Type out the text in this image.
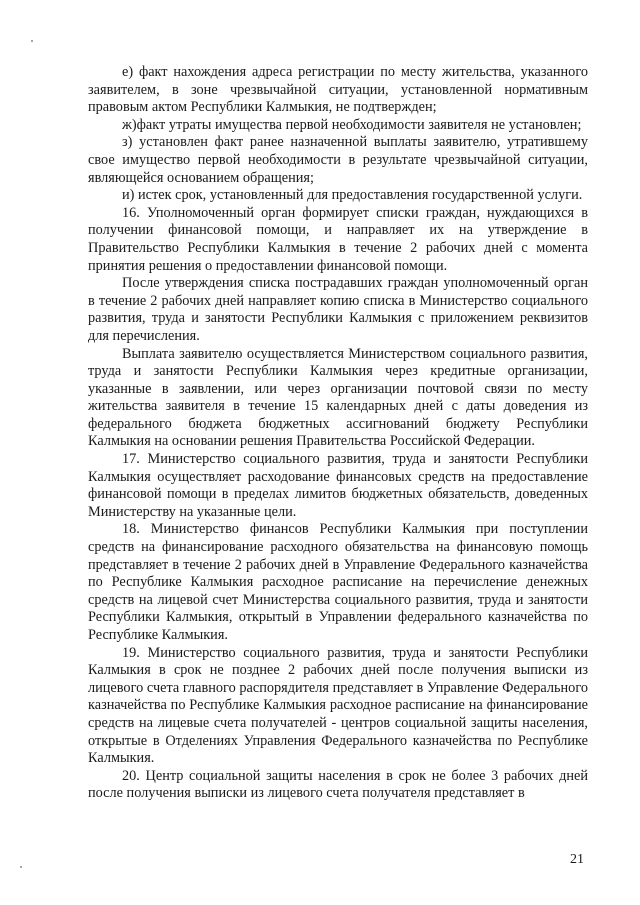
е) факт нахождения адреса регистрации по месту жительства, указанного заявителем, в зоне чрезвычайной ситуации, установленной нормативным правовым актом Республики Калмыкия, не подтвержден;

ж)факт утраты имущества первой необходимости заявителя не установлен;

з) установлен факт ранее назначенной выплаты заявителю, утратившему свое имущество первой необходимости в результате чрезвычайной ситуации, являющейся основанием обращения;

и) истек срок, установленный для предоставления государственной услуги.

16. Уполномоченный орган формирует списки граждан, нуждающихся в получении финансовой помощи, и направляет их на утверждение в Правительство Республики Калмыкия в течение 2 рабочих дней с момента принятия решения о предоставлении финансовой помощи.

После утверждения списка пострадавших граждан уполномоченный орган в течение 2 рабочих дней направляет копию списка в Министерство социального развития, труда и занятости Республики Калмыкия с приложением реквизитов для перечисления.

Выплата заявителю осуществляется Министерством социального развития, труда и занятости Республики Калмыкия через кредитные организации, указанные в заявлении, или через организации почтовой связи по месту жительства заявителя в течение 15 календарных дней с даты доведения из федерального бюджета бюджетных ассигнований бюджету Республики Калмыкия на основании решения Правительства Российской Федерации.

17. Министерство социального развития, труда и занятости Республики Калмыкия осуществляет расходование финансовых средств на предоставление финансовой помощи в пределах лимитов бюджетных обязательств, доведенных Министерству на указанные цели.

18. Министерство финансов Республики Калмыкия при поступлении средств на финансирование расходного обязательства на финансовую помощь представляет в течение 2 рабочих дней в Управление Федерального казначейства по Республике Калмыкия расходное расписание на перечисление денежных средств на лицевой счет Министерства социального развития, труда и занятости Республики Калмыкия, открытый в Управлении федерального казначейства по Республике Калмыкия.

19. Министерство социального развития, труда и занятости Республики Калмыкия в срок не позднее 2 рабочих дней после получения выписки из лицевого счета главного распорядителя представляет в Управление Федерального казначейства по Республике Калмыкия расходное расписание на финансирование средств на лицевые счета получателей - центров социальной защиты населения, открытые в Отделениях Управления Федерального казначейства по Республике Калмыкия.

20. Центр социальной защиты населения в срок не более 3 рабочих дней после получения выписки из лицевого счета получателя представляет в

21
